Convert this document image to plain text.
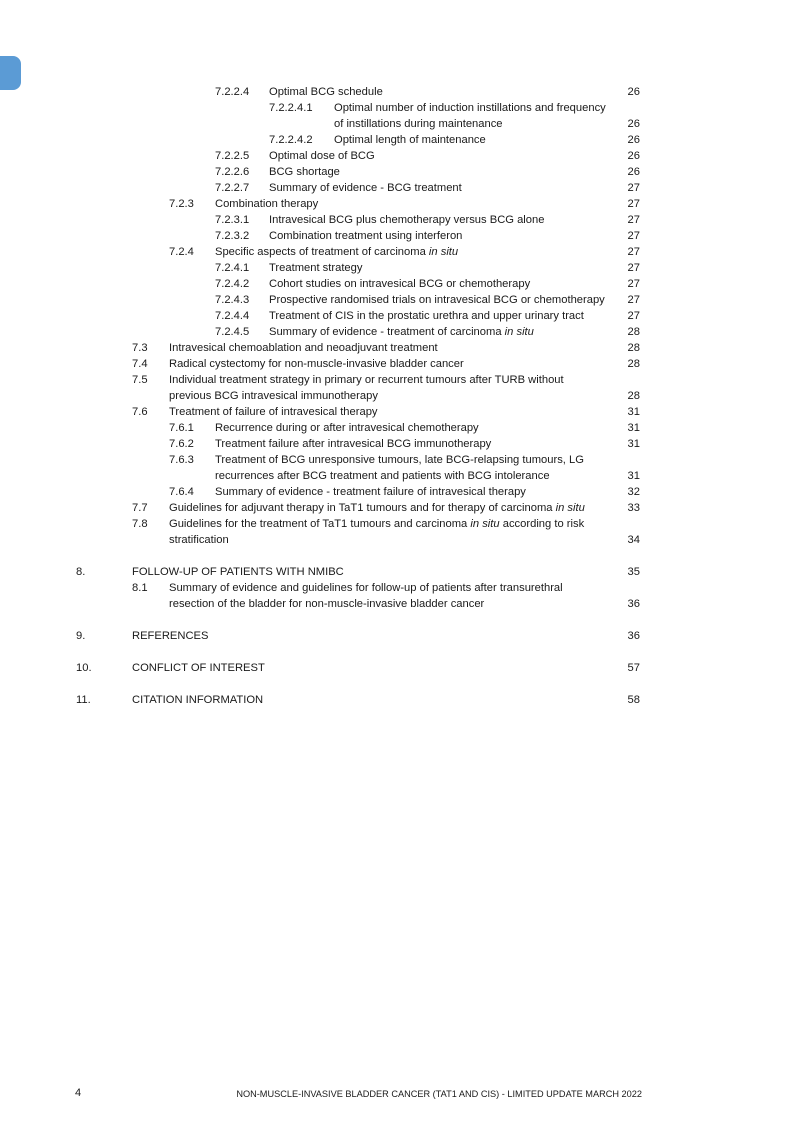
7.2.2.4 Optimal BCG schedule	26
7.2.2.4.1 Optimal number of induction instillations and frequency
of instillations during maintenance	26
7.2.2.4.2 Optimal length of maintenance	26
7.2.2.5 Optimal dose of BCG	26
7.2.2.6 BCG shortage	26
7.2.2.7 Summary of evidence - BCG treatment	27
7.2.3 Combination therapy	27
7.2.3.1 Intravesical BCG plus chemotherapy versus BCG alone	27
7.2.3.2 Combination treatment using interferon	27
7.2.4 Specific aspects of treatment of carcinoma in situ	27
7.2.4.1 Treatment strategy	27
7.2.4.2 Cohort studies on intravesical BCG or chemotherapy	27
7.2.4.3 Prospective randomised trials on intravesical BCG or chemotherapy	27
7.2.4.4 Treatment of CIS in the prostatic urethra and upper urinary tract	27
7.2.4.5 Summary of evidence - treatment of carcinoma in situ	28
7.3 Intravesical chemoablation and neoadjuvant treatment	28
7.4 Radical cystectomy for non-muscle-invasive bladder cancer	28
7.5 Individual treatment strategy in primary or recurrent tumours after TURB without
previous BCG intravesical immunotherapy	28
7.6 Treatment of failure of intravesical therapy	31
7.6.1 Recurrence during or after intravesical chemotherapy	31
7.6.2 Treatment failure after intravesical BCG immunotherapy	31
7.6.3 Treatment of BCG unresponsive tumours, late BCG-relapsing tumours, LG
recurrences after BCG treatment and patients with BCG intolerance	31
7.6.4 Summary of evidence - treatment failure of intravesical therapy	32
7.7 Guidelines for adjuvant therapy in TaT1 tumours and for therapy of carcinoma in situ	33
7.8 Guidelines for the treatment of TaT1 tumours and carcinoma in situ according to risk
stratification	34
8.	FOLLOW-UP OF PATIENTS WITH NMIBC	35
8.1 Summary of evidence and guidelines for follow-up of patients after transurethral
resection of the bladder for non-muscle-invasive bladder cancer	36
9.	REFERENCES	36
10.	CONFLICT OF INTEREST	57
11.	CITATION INFORMATION	58
4	NON-MUSCLE-INVASIVE BLADDER CANCER (TAT1 AND CIS) - LIMITED UPDATE MARCH 2022
